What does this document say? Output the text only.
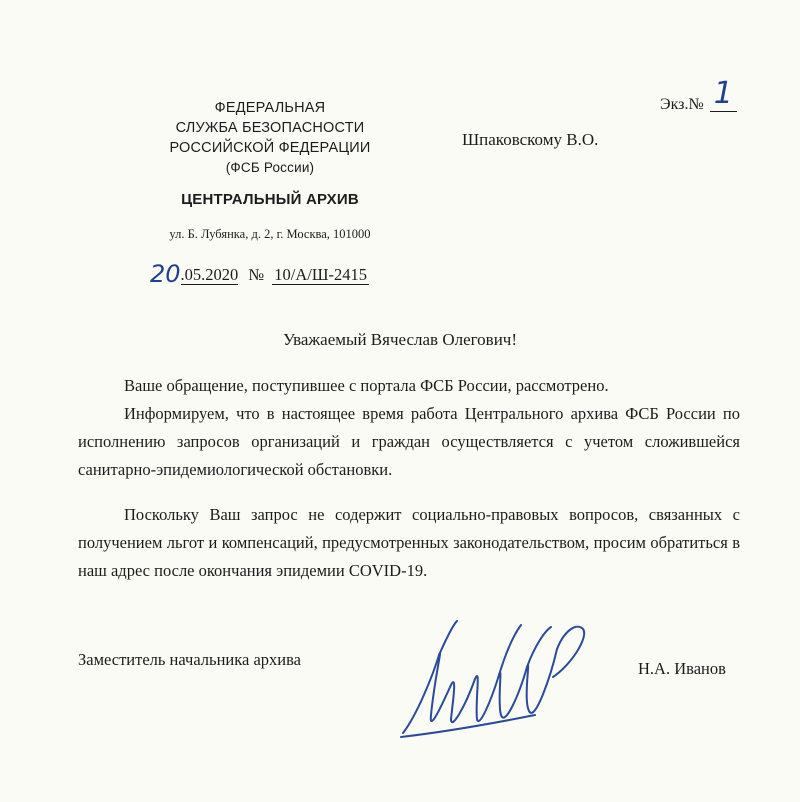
Экз.№ 1
ФЕДЕРАЛЬНАЯ
СЛУЖБА БЕЗОПАСНОСТИ
РОССИЙСКОЙ ФЕДЕРАЦИИ
(ФСБ России)
ЦЕНТРАЛЬНЫЙ АРХИВ
ул. Б. Лубянка, д. 2, г. Москва, 101000
20.05.2020 № 10/А/Ш-2415
Шпаковскому В.О.
Уважаемый Вячеслав Олегович!
Ваше обращение, поступившее с портала ФСБ России, рассмотрено.
Информируем, что в настоящее время работа Центрального архива ФСБ России по исполнению запросов организаций и граждан осуществляется с учетом сложившейся санитарно-эпидемиологической обстановки.
Поскольку Ваш запрос не содержит социально-правовых вопросов, связанных с получением льгот и компенсаций, предусмотренных законодательством, просим обратиться в наш адрес после окончания эпидемии COVID-19.
Заместитель начальника архива	Н.А. Иванов
